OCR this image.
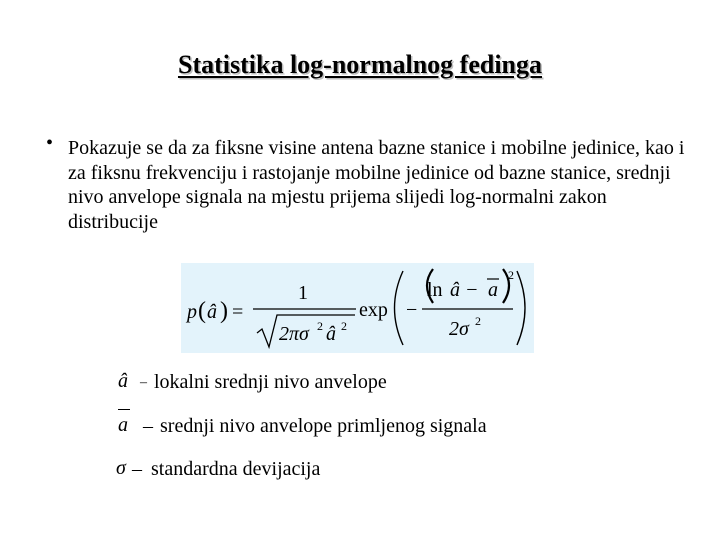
Statistika log-normalnog fedinga
• Pokazuje se da za fiksne visine antena bazne stanice i mobilne jedinice, kao i za fiksnu frekvenciju i rastojanje mobilne jedinice od bazne stanice, srednji nivo anvelope signala na mjestu prijema slijedi log-normalni zakon distribucije
p ( â ) =
1
2πσ 2 â 2
exp −
ln â − a
2
2σ 2
â – lokalni srednji nivo anvelope
a – srednji nivo anvelope primljenog signala
σ – standardna devijacija
